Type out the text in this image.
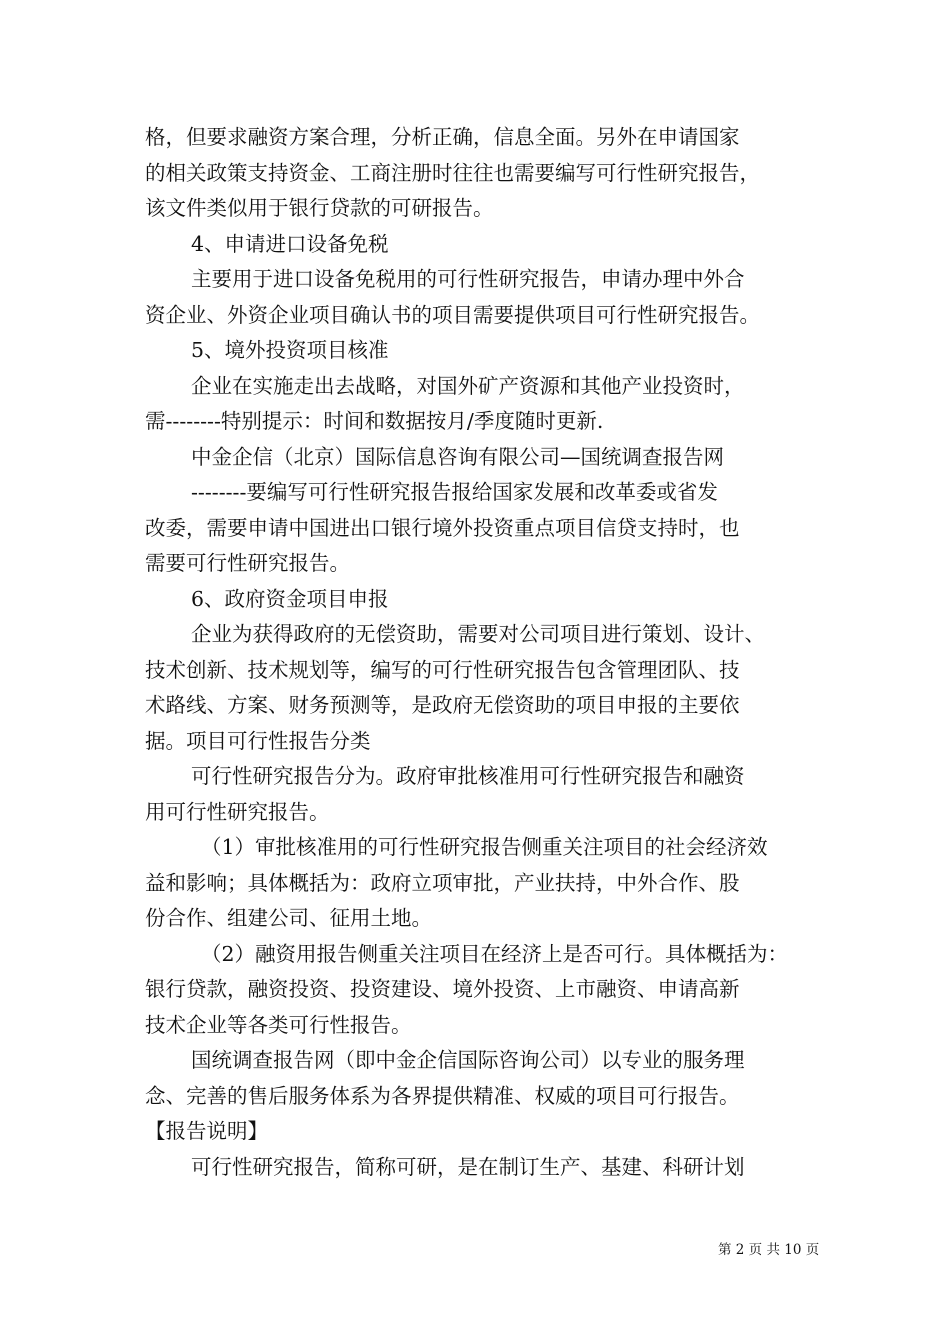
格，但要求融资方案合理，分析正确，信息全面。另外在申请国家
的相关政策支持资金、工商注册时往往也需要编写可行性研究报告，
该文件类似用于银行贷款的可研报告。
4、申请进口设备免税
主要用于进口设备免税用的可行性研究报告，申请办理中外合
资企业、外资企业项目确认书的项目需要提供项目可行性研究报告。
5、境外投资项目核准
企业在实施走出去战略，对国外矿产资源和其他产业投资时，
需--------特别提示：时间和数据按月/季度随时更新.
中金企信（北京）国际信息咨询有限公司—国统调查报告网
--------要编写可行性研究报告报给国家发展和改革委或省发
改委，需要申请中国进出口银行境外投资重点项目信贷支持时，也
需要可行性研究报告。
6、政府资金项目申报
企业为获得政府的无偿资助，需要对公司项目进行策划、设计、
技术创新、技术规划等，编写的可行性研究报告包含管理团队、技
术路线、方案、财务预测等，是政府无偿资助的项目申报的主要依
据。项目可行性报告分类
可行性研究报告分为。政府审批核准用可行性研究报告和融资
用可行性研究报告。
（1）审批核准用的可行性研究报告侧重关注项目的社会经济效
益和影响；具体概括为：政府立项审批，产业扶持，中外合作、股
份合作、组建公司、征用土地。
（2）融资用报告侧重关注项目在经济上是否可行。具体概括为：
银行贷款，融资投资、投资建设、境外投资、上市融资、申请高新
技术企业等各类可行性报告。
国统调查报告网（即中金企信国际咨询公司）以专业的服务理
念、完善的售后服务体系为各界提供精准、权威的项目可行报告。
【报告说明】
可行性研究报告，简称可研，是在制订生产、基建、科研计划
第 2 页 共 10 页
